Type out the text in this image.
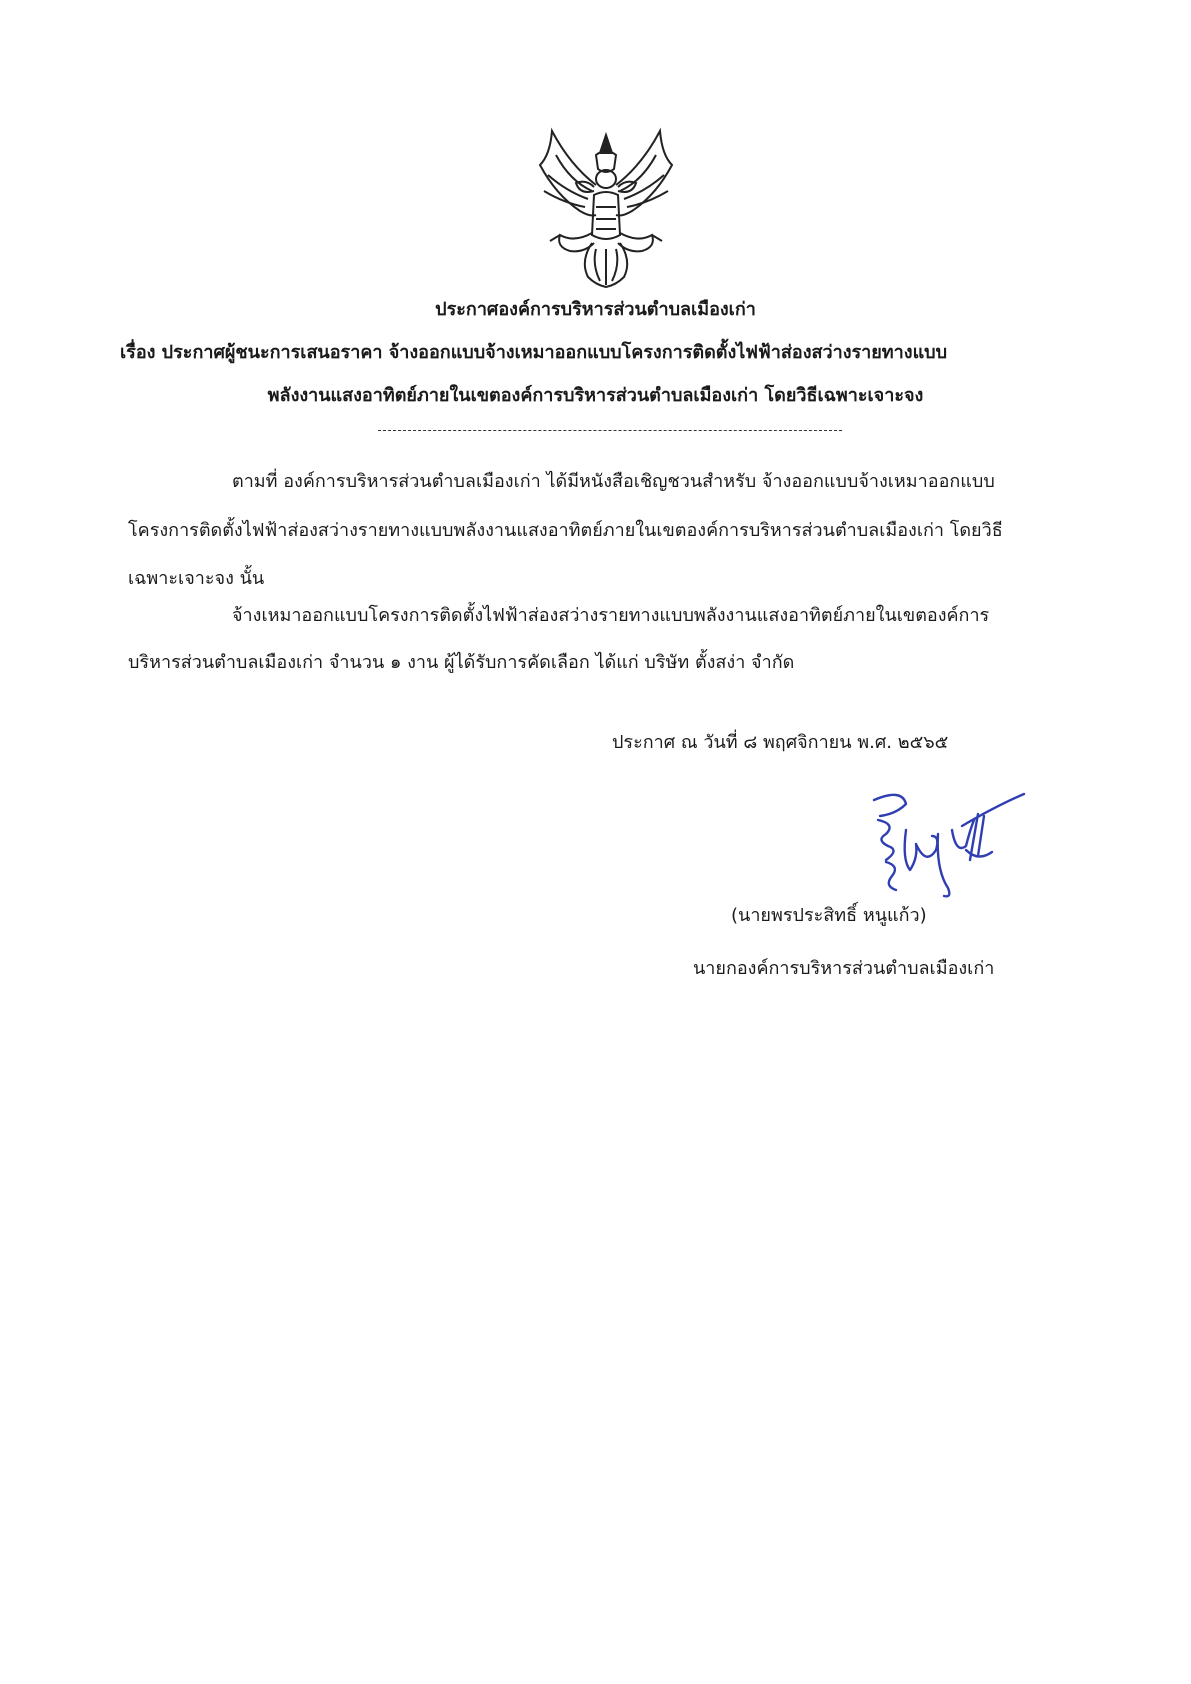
ประกาศองค์การบริหารส่วนตำบลเมืองเก่า
เรื่อง ประกาศผู้ชนะการเสนอราคา จ้างออกแบบจ้างเหมาออกแบบโครงการติดตั้งไฟฟ้าส่องสว่างรายทางแบบ
พลังงานแสงอาทิตย์ภายในเขตองค์การบริหารส่วนตำบลเมืองเก่า โดยวิธีเฉพาะเจาะจง
ตามที่ องค์การบริหารส่วนตำบลเมืองเก่า ได้มีหนังสือเชิญชวนสำหรับ จ้างออกแบบจ้างเหมาออกแบบ
โครงการติดตั้งไฟฟ้าส่องสว่างรายทางแบบพลังงานแสงอาทิตย์ภายในเขตองค์การบริหารส่วนตำบลเมืองเก่า โดยวิธี
เฉพาะเจาะจง นั้น
จ้างเหมาออกแบบโครงการติดตั้งไฟฟ้าส่องสว่างรายทางแบบพลังงานแสงอาทิตย์ภายในเขตองค์การ
บริหารส่วนตำบลเมืองเก่า จำนวน ๑ งาน ผู้ได้รับการคัดเลือก ได้แก่ บริษัท ตั้งสง่า จำกัด
ประกาศ ณ วันที่ ๘ พฤศจิกายน พ.ศ. ๒๕๖๕
(นายพรประสิทธิ์ หนูแก้ว)
นายกองค์การบริหารส่วนตำบลเมืองเก่า
